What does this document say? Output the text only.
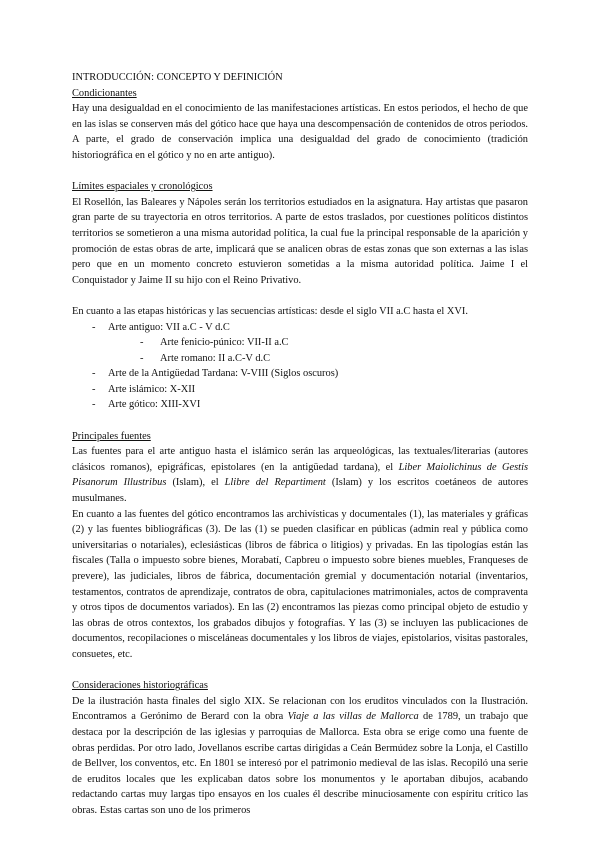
INTRODUCCIÓN: CONCEPTO Y DEFINICIÓN

Condicionantes

Hay una desigualdad en el conocimiento de las manifestaciones artísticas. En estos periodos, el hecho de que en las islas se conserven más del gótico hace que haya una descompensación de contenidos de otros periodos. A parte, el grado de conservación implica una desigualdad del grado de conocimiento (tradición historiográfica en el gótico y no en arte antiguo).

Límites espaciales y cronológicos

El Rosellón, las Baleares y Nápoles serán los territorios estudiados en la asignatura. Hay artistas que pasaron gran parte de su trayectoria en otros territorios. A parte de estos traslados, por cuestiones políticos distintos territorios se sometieron a una misma autoridad política, la cual fue la principal responsable de la aparición y promoción de estas obras de arte, implicará que se analicen obras de estas zonas que son externas a las islas pero que en un momento concreto estuvieron sometidas a la misma autoridad política. Jaime I el Conquistador y Jaime II su hijo con el Reino Privativo.

En cuanto a las etapas históricas y las secuencias artísticas: desde el siglo VII a.C hasta el XVI.

- Arte antiguo: VII a.C - V d.C
- Arte fenicio-púnico: VII-II a.C
- Arte romano: II a.C-V d.C
- Arte de la Antigüedad Tardana: V-VIII (Siglos oscuros)
- Arte islámico: X-XII
- Arte gótico: XIII-XVI

Principales fuentes

Las fuentes para el arte antiguo hasta el islámico serán las arqueológicas, las textuales/literarias (autores clásicos romanos), epigráficas, epistolares (en la antigüedad tardana), el Liber Maiolichinus de Gestis Pisanorum Illustribus (Islam), el Llibre del Repartiment (Islam) y los escritos coetáneos de autores musulmanes.

En cuanto a las fuentes del gótico encontramos las archivísticas y documentales (1), las materiales y gráficas (2) y las fuentes bibliográficas (3). De las (1) se pueden clasificar en públicas (admin real y pública como universitarias o notariales), eclesiásticas (libros de fábrica o litigios) y privadas. En las tipologías están las fiscales (Talla o impuesto sobre bienes, Morabatí, Capbreu o impuesto sobre bienes muebles, Franqueses de prevere), las judiciales, libros de fábrica, documentación gremial y documentación notarial (inventarios, testamentos, contratos de aprendizaje, contratos de obra, capitulaciones matrimoniales, actos de compraventa y otros tipos de documentos variados). En las (2) encontramos las piezas como principal objeto de estudio y las obras de otros contextos, los grabados dibujos y fotografías. Y las (3) se incluyen las publicaciones de documentos, recopilaciones o misceláneas documentales y los libros de viajes, epistolarios, visitas pastorales, consuetes, etc.

Consideraciones historiográficas

De la ilustración hasta finales del siglo XIX. Se relacionan con los eruditos vinculados con la Ilustración. Encontramos a Gerónimo de Berard con la obra Viaje a las villas de Mallorca de 1789, un trabajo que destaca por la descripción de las iglesias y parroquias de Mallorca. Esta obra se erige como una fuente de obras perdidas. Por otro lado, Jovellanos escribe cartas dirigidas a Ceán Bermúdez sobre la Lonja, el Castillo de Bellver, los conventos, etc. En 1801 se interesó por el patrimonio medieval de las islas. Recopiló una serie de eruditos locales que les explicaban datos sobre los monumentos y le aportaban dibujos, acabando redactando cartas muy largas tipo ensayos en los cuales él describe minuciosamente con espíritu crítico las obras. Estas cartas son uno de los primeros
